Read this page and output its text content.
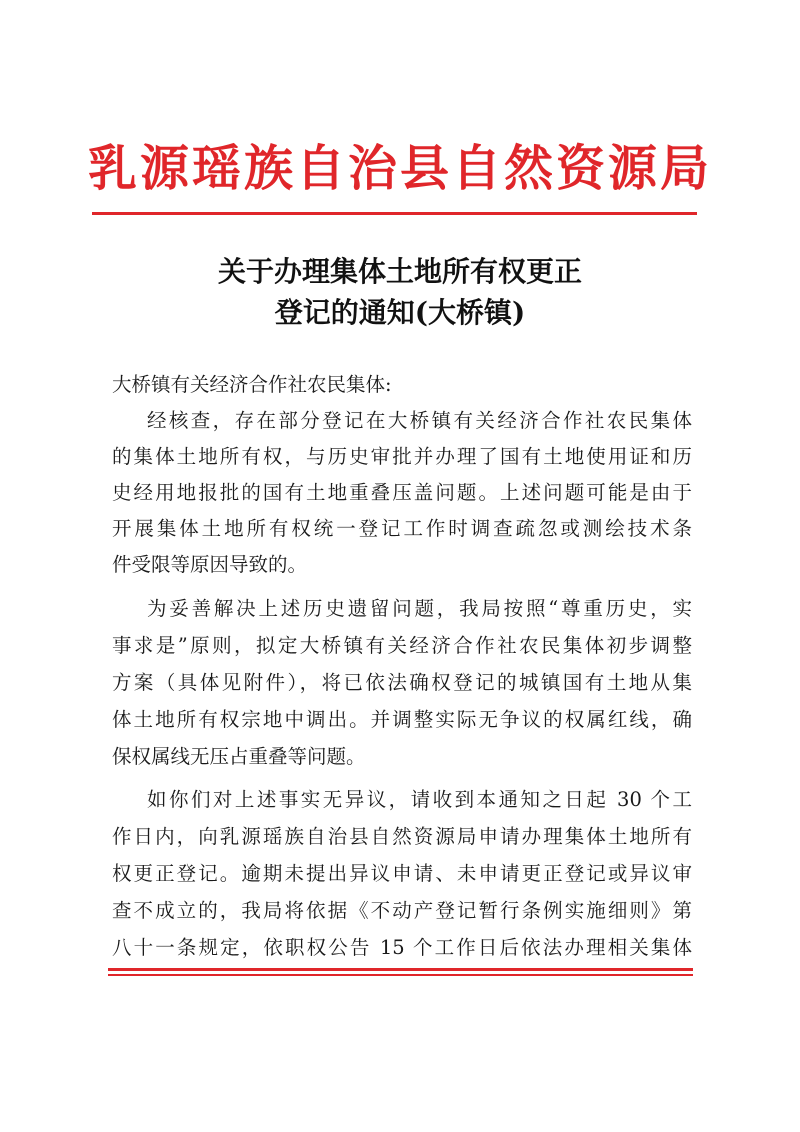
乳源瑶族自治县自然资源局
关于办理集体土地所有权更正
登记的通知(大桥镇)
大桥镇有关经济合作社农民集体:
经核查，存在部分登记在大桥镇有关经济合作社农民集体
的集体土地所有权，与历史审批并办理了国有土地使用证和历
史经用地报批的国有土地重叠压盖问题。上述问题可能是由于
开展集体土地所有权统一登记工作时调查疏忽或测绘技术条
件受限等原因导致的。
为妥善解决上述历史遗留问题，我局按照“尊重历史，实
事求是”原则，拟定大桥镇有关经济合作社农民集体初步调整
方案（具体见附件），将已依法确权登记的城镇国有土地从集
体土地所有权宗地中调出。并调整实际无争议的权属红线，确
保权属线无压占重叠等问题。
如你们对上述事实无异议，请收到本通知之日起 30 个工
作日内，向乳源瑶族自治县自然资源局申请办理集体土地所有
权更正登记。逾期未提出异议申请、未申请更正登记或异议审
查不成立的，我局将依据《不动产登记暂行条例实施细则》第
八十一条规定，依职权公告 15 个工作日后依法办理相关集体
